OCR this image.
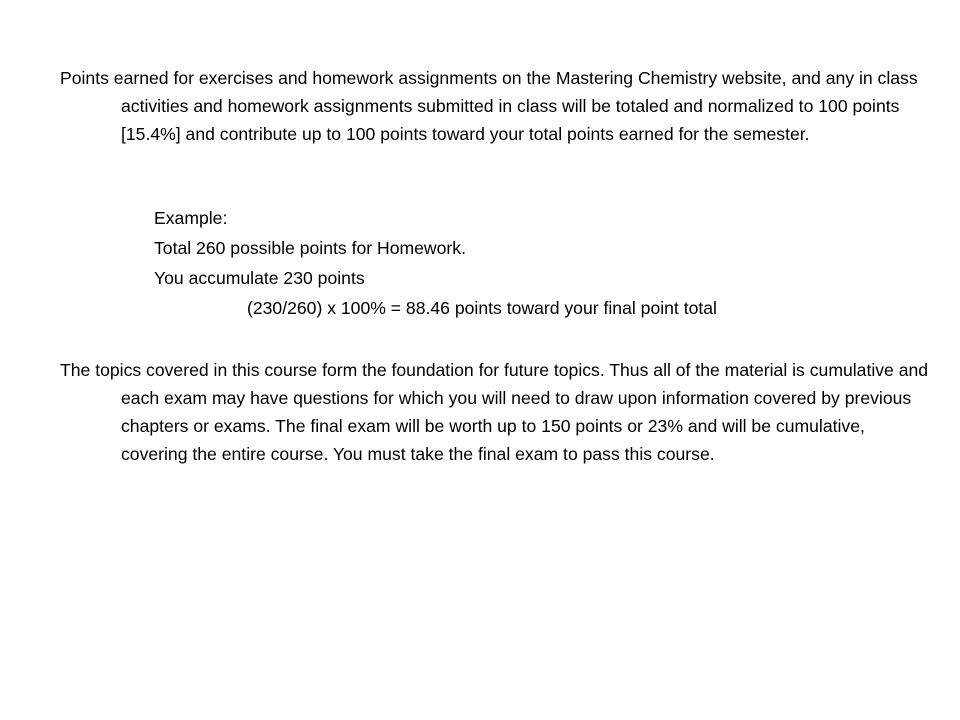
Points earned for exercises and homework assignments on the Mastering Chemistry website, and any in class activities and homework assignments submitted in class will be totaled and normalized to 100 points [15.4%] and contribute up to 100 points toward your total points earned for the semester.

Example:

Total 260 possible points for Homework.

You accumulate 230 points

(230/260) x 100% = 88.46 points toward your final point total

The topics covered in this course form the foundation for future topics. Thus all of the material is cumulative and each exam may have questions for which you will need to draw upon information covered by previous chapters or exams. The final exam will be worth up to 150 points or 23% and will be cumulative, covering the entire course. You must take the final exam to pass this course.
